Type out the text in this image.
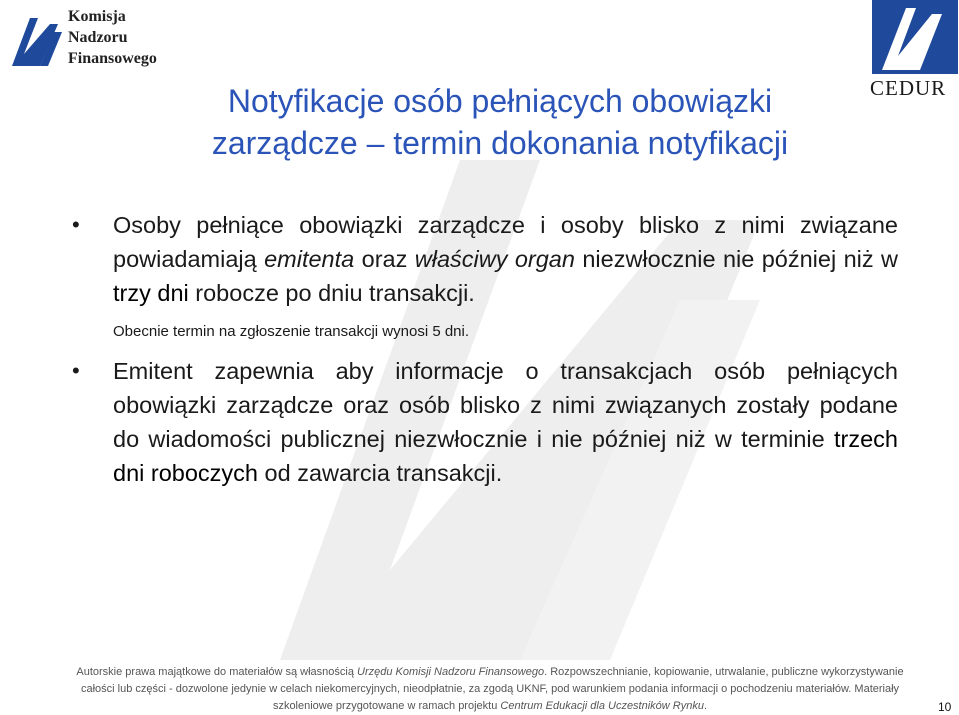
Komisja
Nadzoru
Finansowego
CEDUR
Notyfikacje osób pełniących obowiązki
zarządcze – termin dokonania notyfikacji
• Osoby pełniące obowiązki zarządcze i osoby blisko z nimi związane powiadamiają emitenta oraz właściwy organ niezwłocznie nie później niż w trzy dni robocze po dniu transakcji.
Obecnie termin na zgłoszenie transakcji wynosi 5 dni.
• Emitent zapewnia aby informacje o transakcjach osób pełniących obowiązki zarządcze oraz osób blisko z nimi związanych zostały podane do wiadomości publicznej niezwłocznie i nie później niż w terminie trzech dni roboczych od zawarcia transakcji.
Autorskie prawa majątkowe do materiałów są własnością Urzędu Komisji Nadzoru Finansowego. Rozpowszechnianie, kopiowanie, utrwalanie, publiczne wykorzystywanie całości lub części - dozwolone jedynie w celach niekomercyjnych, nieodpłatnie, za zgodą UKNF, pod warunkiem podania informacji o pochodzeniu materiałów. Materiały szkoleniowe przygotowane w ramach projektu Centrum Edukacji dla Uczestników Rynku.	10
